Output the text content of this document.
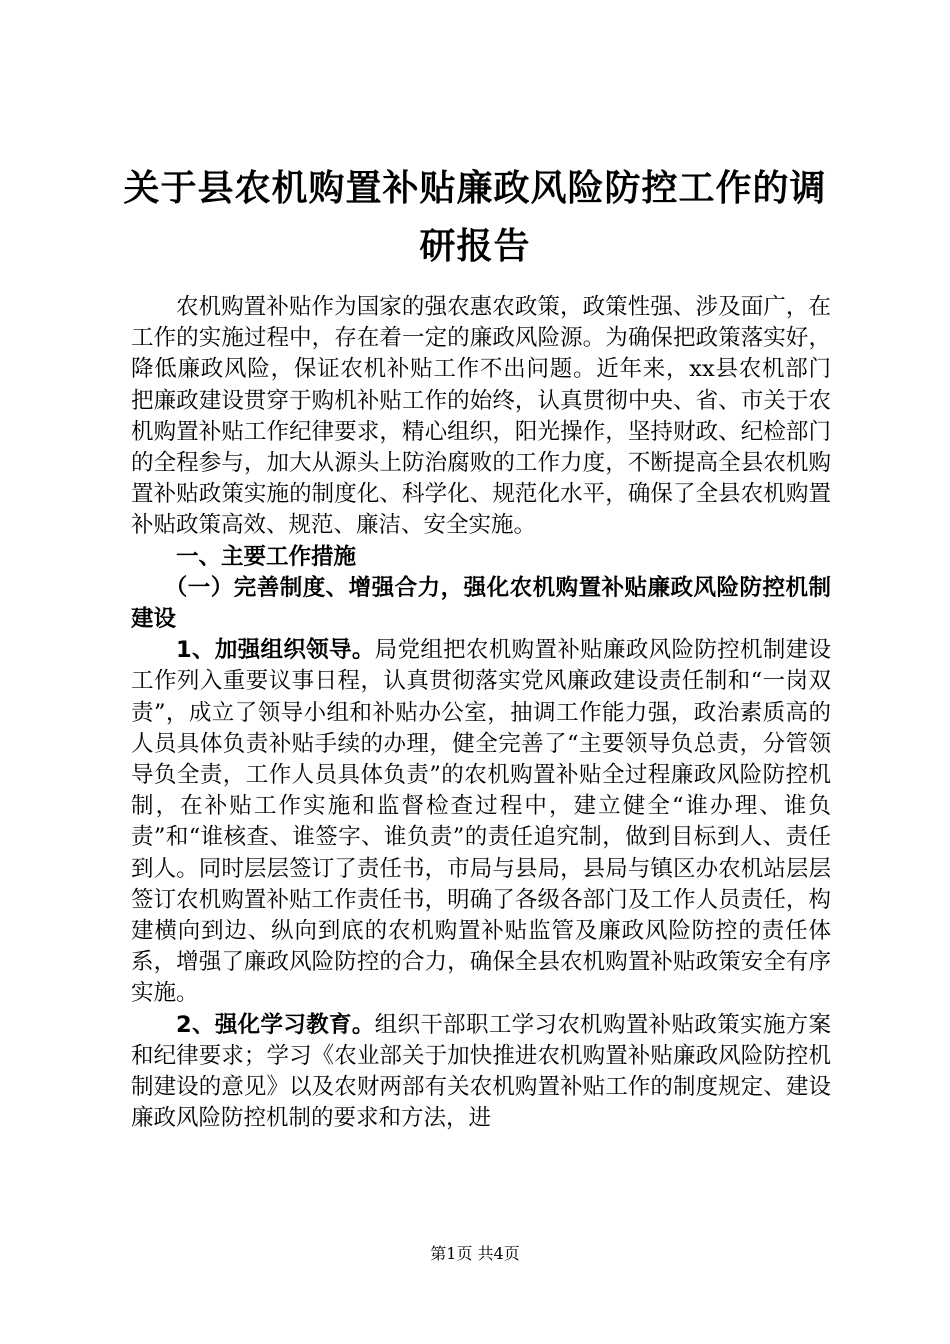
关于县农机购置补贴廉政风险防控工作的调研报告

农机购置补贴作为国家的强农惠农政策，政策性强、涉及面广，在工作的实施过程中，存在着一定的廉政风险源。为确保把政策落实好，降低廉政风险，保证农机补贴工作不出问题。近年来，xx县农机部门把廉政建设贯穿于购机补贴工作的始终，认真贯彻中央、省、市关于农机购置补贴工作纪律要求，精心组织，阳光操作，坚持财政、纪检部门的全程参与，加大从源头上防治腐败的工作力度，不断提高全县农机购置补贴政策实施的制度化、科学化、规范化水平，确保了全县农机购置补贴政策高效、规范、廉洁、安全实施。

一、主要工作措施

（一）完善制度、增强合力，强化农机购置补贴廉政风险防控机制建设

1、加强组织领导。局党组把农机购置补贴廉政风险防控机制建设工作列入重要议事日程，认真贯彻落实党风廉政建设责任制和“一岗双责”，成立了领导小组和补贴办公室，抽调工作能力强，政治素质高的人员具体负责补贴手续的办理，健全完善了“主要领导负总责，分管领导负全责，工作人员具体负责”的农机购置补贴全过程廉政风险防控机制，在补贴工作实施和监督检查过程中，建立健全“谁办理、谁负责”和“谁核查、谁签字、谁负责”的责任追究制，做到目标到人、责任到人。同时层层签订了责任书，市局与县局，县局与镇区办农机站层层签订农机购置补贴工作责任书，明确了各级各部门及工作人员责任，构建横向到边、纵向到底的农机购置补贴监管及廉政风险防控的责任体系，增强了廉政风险防控的合力，确保全县农机购置补贴政策安全有序实施。

2、强化学习教育。组织干部职工学习农机购置补贴政策实施方案和纪律要求；学习《农业部关于加快推进农机购置补贴廉政风险防控机制建设的意见》以及农财两部有关农机购置补贴工作的制度规定、建设廉政风险防控机制的要求和方法，进

第1页 共4页
